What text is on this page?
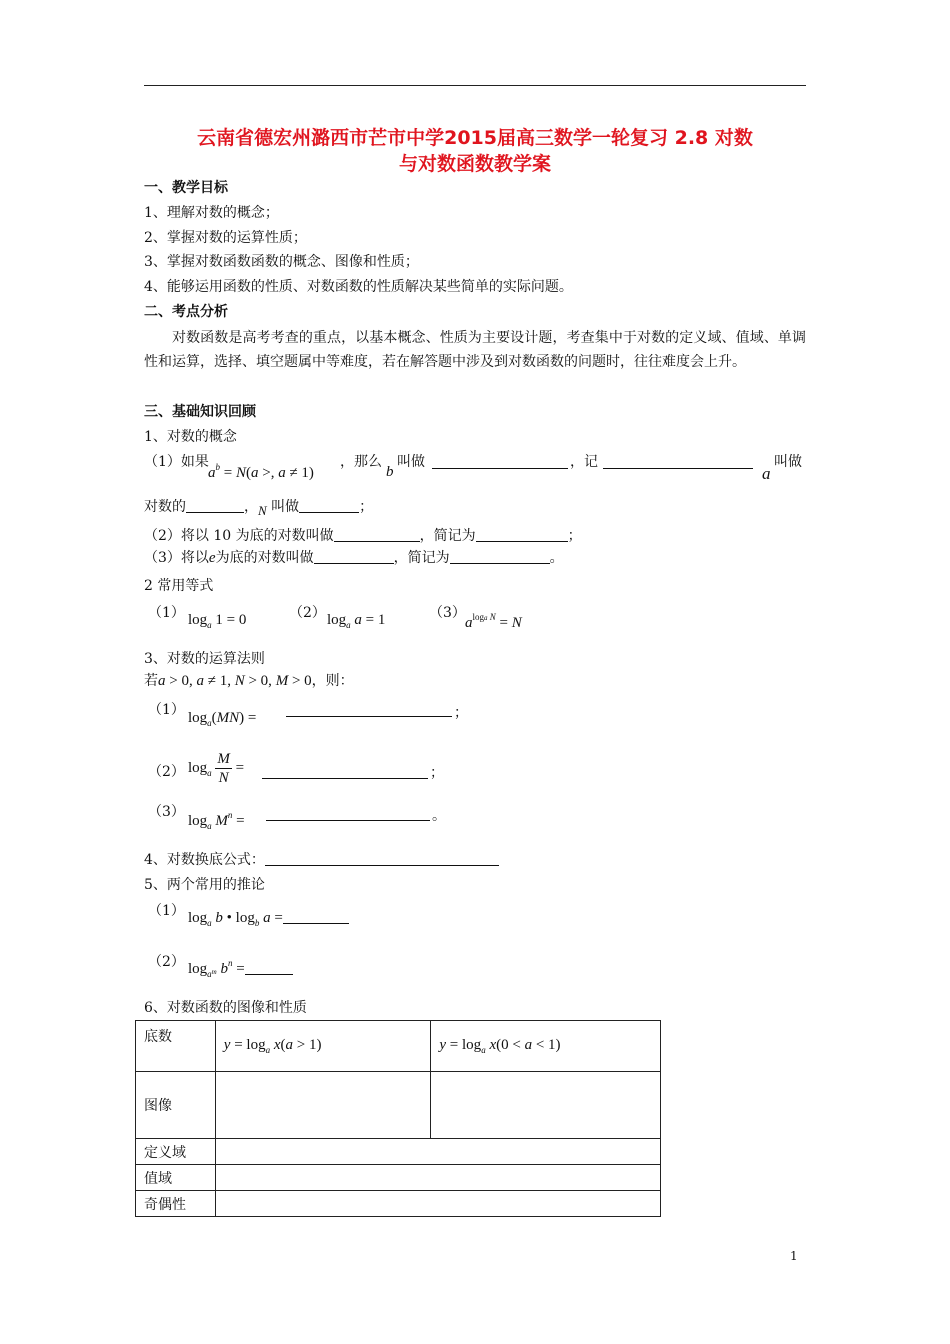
云南省德宏州潞西市芒市中学2015届高三数学一轮复习 2.8 对数
与对数函数教学案
一、教学目标
1、理解对数的概念；
2、掌握对数的运算性质；
3、掌握对数函数函数的概念、图像和性质；
4、能够运用函数的性质、对数函数的性质解决某些简单的实际问题。
二、考点分析
对数函数是高考考查的重点，以基本概念、性质为主要设计题，考查集中于对数的定义域、值域、单调性和运算，选择、填空题属中等难度，若在解答题中涉及到对数函数的问题时，往往难度会上升。
三、基础知识回顾
1、对数的概念
（1）如果
$a^b = N(a$ >, a ≠ 1)
，那么
b
叫做	，记
a
叫做
对数的	，N 叫做	；
（2）将以 10 为底的对数叫做	，简记为	；
（3）将以e为底的对数叫做	，简记为	。
2 常用等式
（1） $\log_a 1 = 0$	（2） $\log_a a = 1$	（3）
$a^{loga N} = N$
3、对数的运算法则
若a > 0, a ≠ 1, N > 0, M > 0，则：
（1） $\log_a(MN)$ =	；
（2） $\log_a \frac{M}{N}$ =	；
（3）
$\log_a M^n$ =	。
4、对数换底公式：
5、两个常用的推论
（1） $\log_a b$ • $\log_b a$ =
（2） $\log_{a^m} b^n$ =
6、对数函数的图像和性质
底数	$y = \log_a x(a > 1)$	$y = \log_a x(0 < a < 1)$
图像		
定义域		
值域		
奇偶性		
1
